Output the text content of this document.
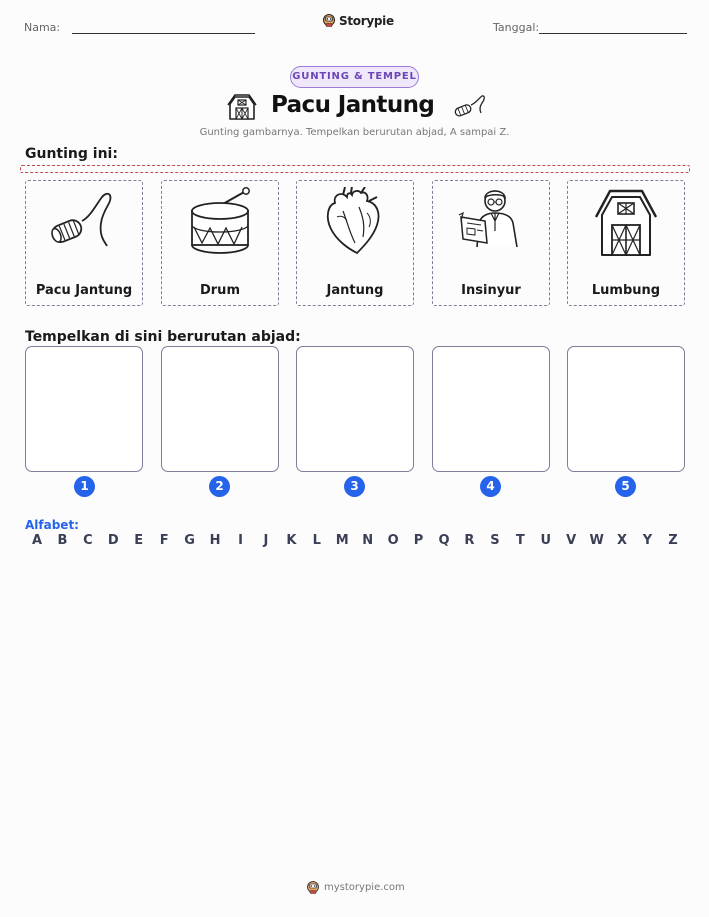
Nama:	Storypie	Tanggal:
GUNTING & TEMPEL
Pacu Jantung
Gunting gambarnya. Tempelkan berurutan abjad, A sampai Z.
Gunting ini:
Pacu Jantung	Drum	Jantung	Insinyur	Lumbung
Tempelkan di sini berurutan abjad:
1	2	3	4	5
Alfabet:
A	B	C	D	E	F	G	H	I	J	K	L	M	N	O	P	Q	R	S	T	U	V	W	X	Y	Z
mystorypie.com
